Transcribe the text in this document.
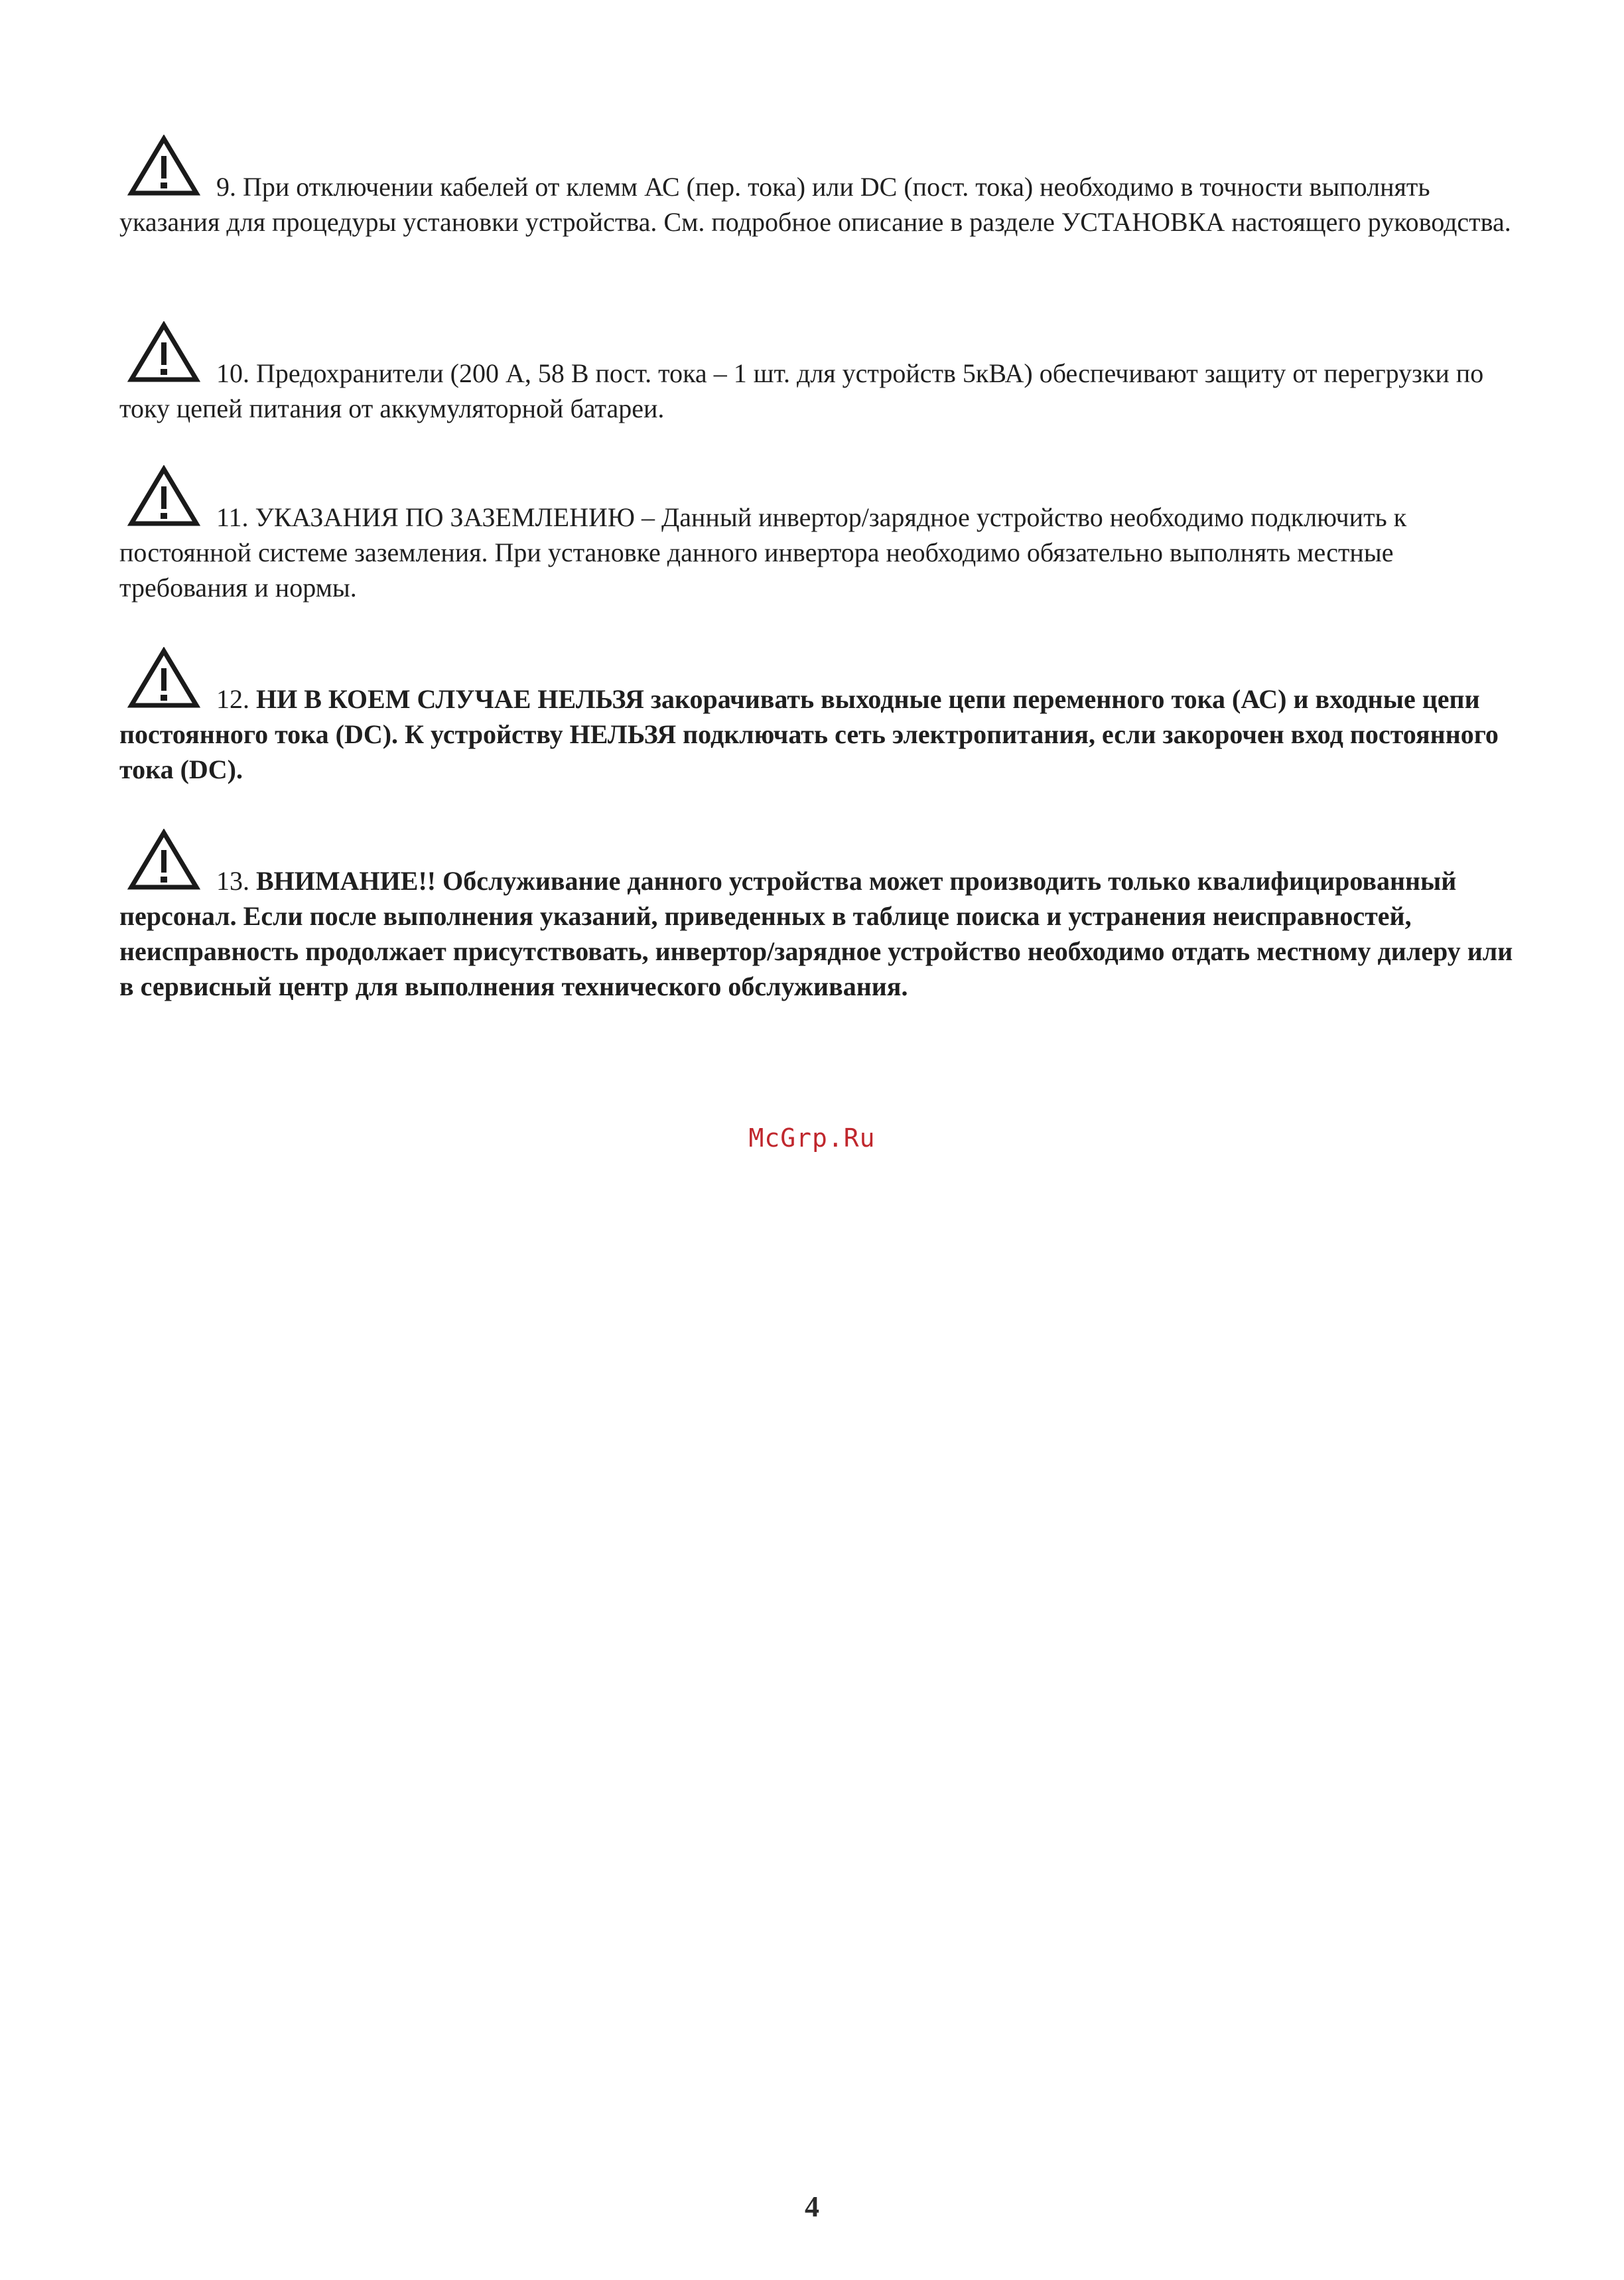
9. При отключении кабелей от клемм АС (пер. тока) или DC (пост. тока) необходимо в точности выполнять указания для процедуры установки устройства. См. подробное описание в разделе УСТАНОВКА настоящего руководства.

10. Предохранители (200 А, 58 В пост. тока – 1 шт. для устройств 5кВА) обеспечивают защиту от перегрузки по току цепей питания от аккумуляторной батареи.

11. УКАЗАНИЯ ПО ЗАЗЕМЛЕНИЮ – Данный инвертор/зарядное устройство необходимо подключить к постоянной системе заземления. При установке данного инвертора необходимо обязательно выполнять местные требования и нормы.

12. НИ В КОЕМ СЛУЧАЕ НЕЛЬЗЯ закорачивать выходные цепи переменного тока (АС) и входные цепи постоянного тока (DC). К устройству НЕЛЬЗЯ подключать сеть электропитания, если закорочен вход постоянного тока (DC).

13. ВНИМАНИЕ!! Обслуживание данного устройства может производить только квалифицированный персонал. Если после выполнения указаний, приведенных в таблице поиска и устранения неисправностей, неисправность продолжает присутствовать, инвертор/зарядное устройство необходимо отдать местному дилеру или в сервисный центр для выполнения технического обслуживания.

McGrp.Ru
4
